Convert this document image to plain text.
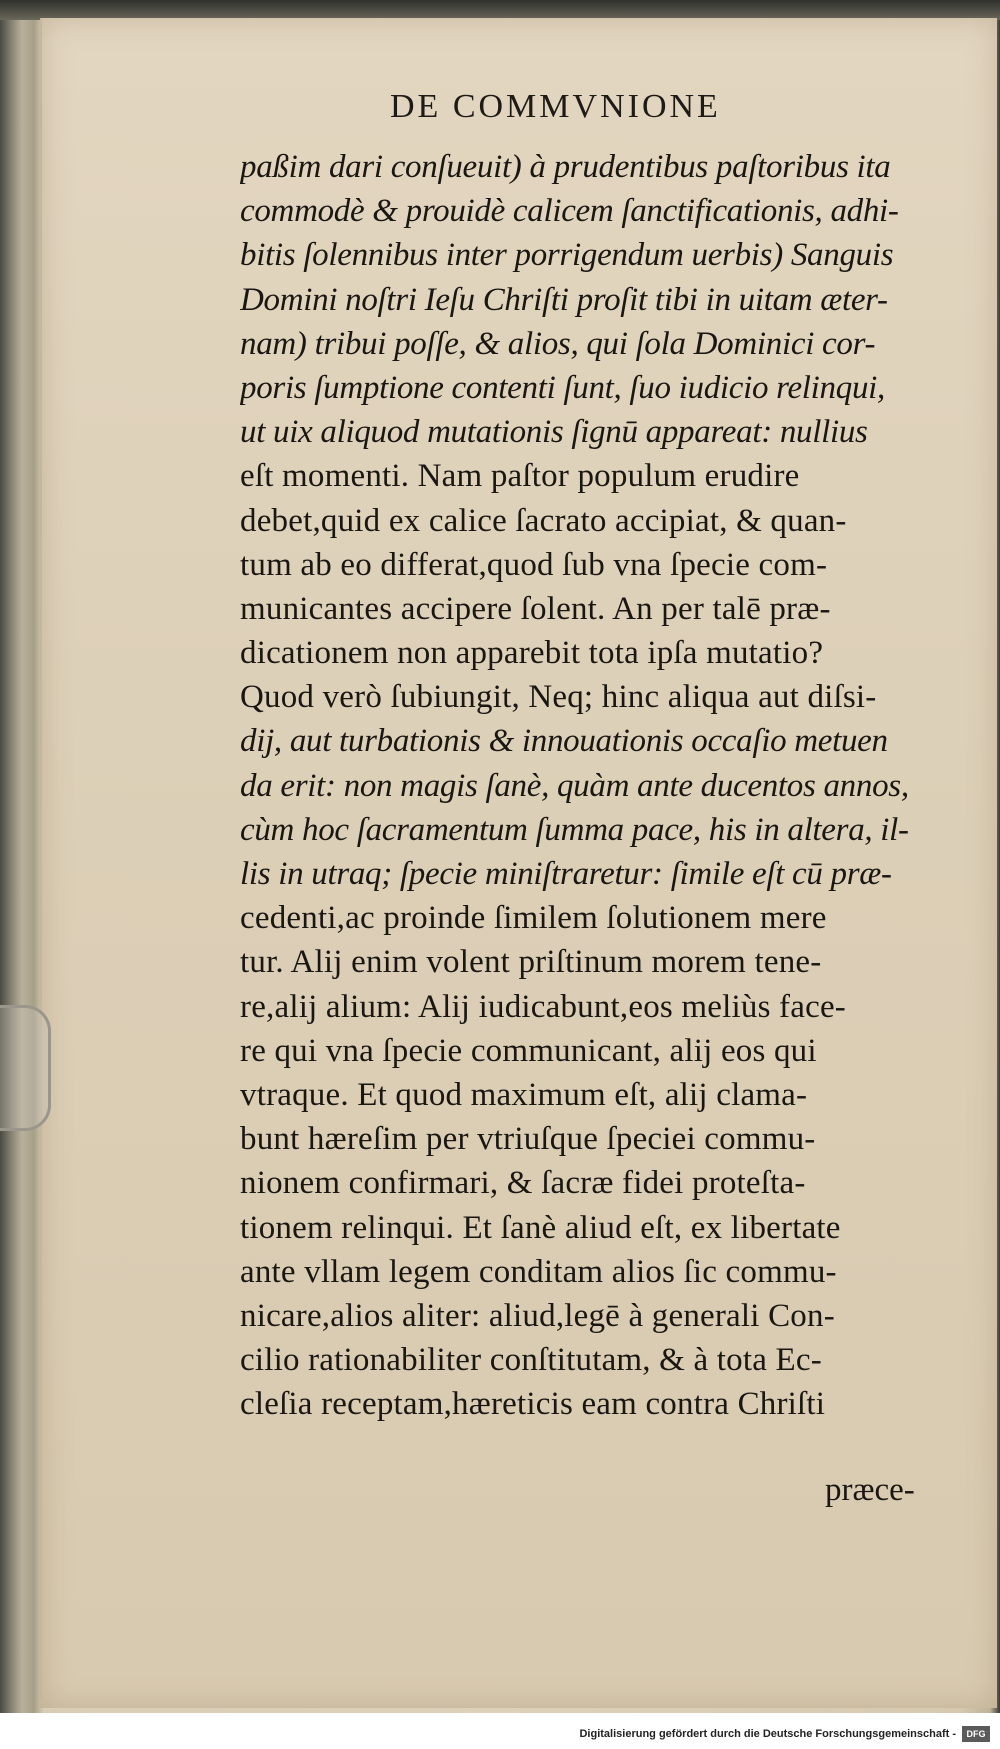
DE COMMVNIONE
paßim dari conſueuit) à prudentibus paſtoribus ita
commodè & prouidè calicem ſanctificationis, adhi-
bitis ſolennibus inter porrigendum uerbis) Sanguis
Domini noſtri Ieſu Chriſti proſit tibi in uitam æter-
nam) tribui poſſe, & alios, qui ſola Dominici cor-
poris ſumptione contenti ſunt, ſuo iudicio relinqui,
ut uix aliquod mutationis ſignū appareat: nullius
eſt momenti. Nam paſtor populum erudire
debet,quid ex calice ſacrato accipiat, & quan-
tum ab eo differat,quod ſub vna ſpecie com-
municantes accipere ſolent. An per talē præ-
dicationem non apparebit tota ipſa mutatio?
Quod verò ſubiungit, Neq; hinc aliqua aut diſsi-
dij, aut turbationis & innouationis occaſio metuen
da erit: non magis ſanè, quàm ante ducentos annos,
cùm hoc ſacramentum ſumma pace, his in altera, il-
lis in utraq; ſpecie miniſtraretur: ſimile eſt cū præ-
cedenti,ac proinde ſimilem ſolutionem mere
tur. Alij enim volent priſtinum morem tene-
re,alij alium: Alij iudicabunt,eos meliùs face-
re qui vna ſpecie communicant, alij eos qui
vtraque. Et quod maximum eſt, alij clama-
bunt hæreſim per vtriuſque ſpeciei commu-
nionem confirmari, & ſacræ fidei proteſta-
tionem relinqui. Et ſanè aliud eſt, ex libertate
ante vllam legem conditam alios ſic commu-
nicare,alios aliter: aliud,legē à generali Con-
cilio rationabiliter conſtitutam, & à tota Ec-
cleſia receptam,hæreticis eam contra Chriſti
præce-
Digitalisierung gefördert durch die Deutsche Forschungsgemeinschaft -	DFG
